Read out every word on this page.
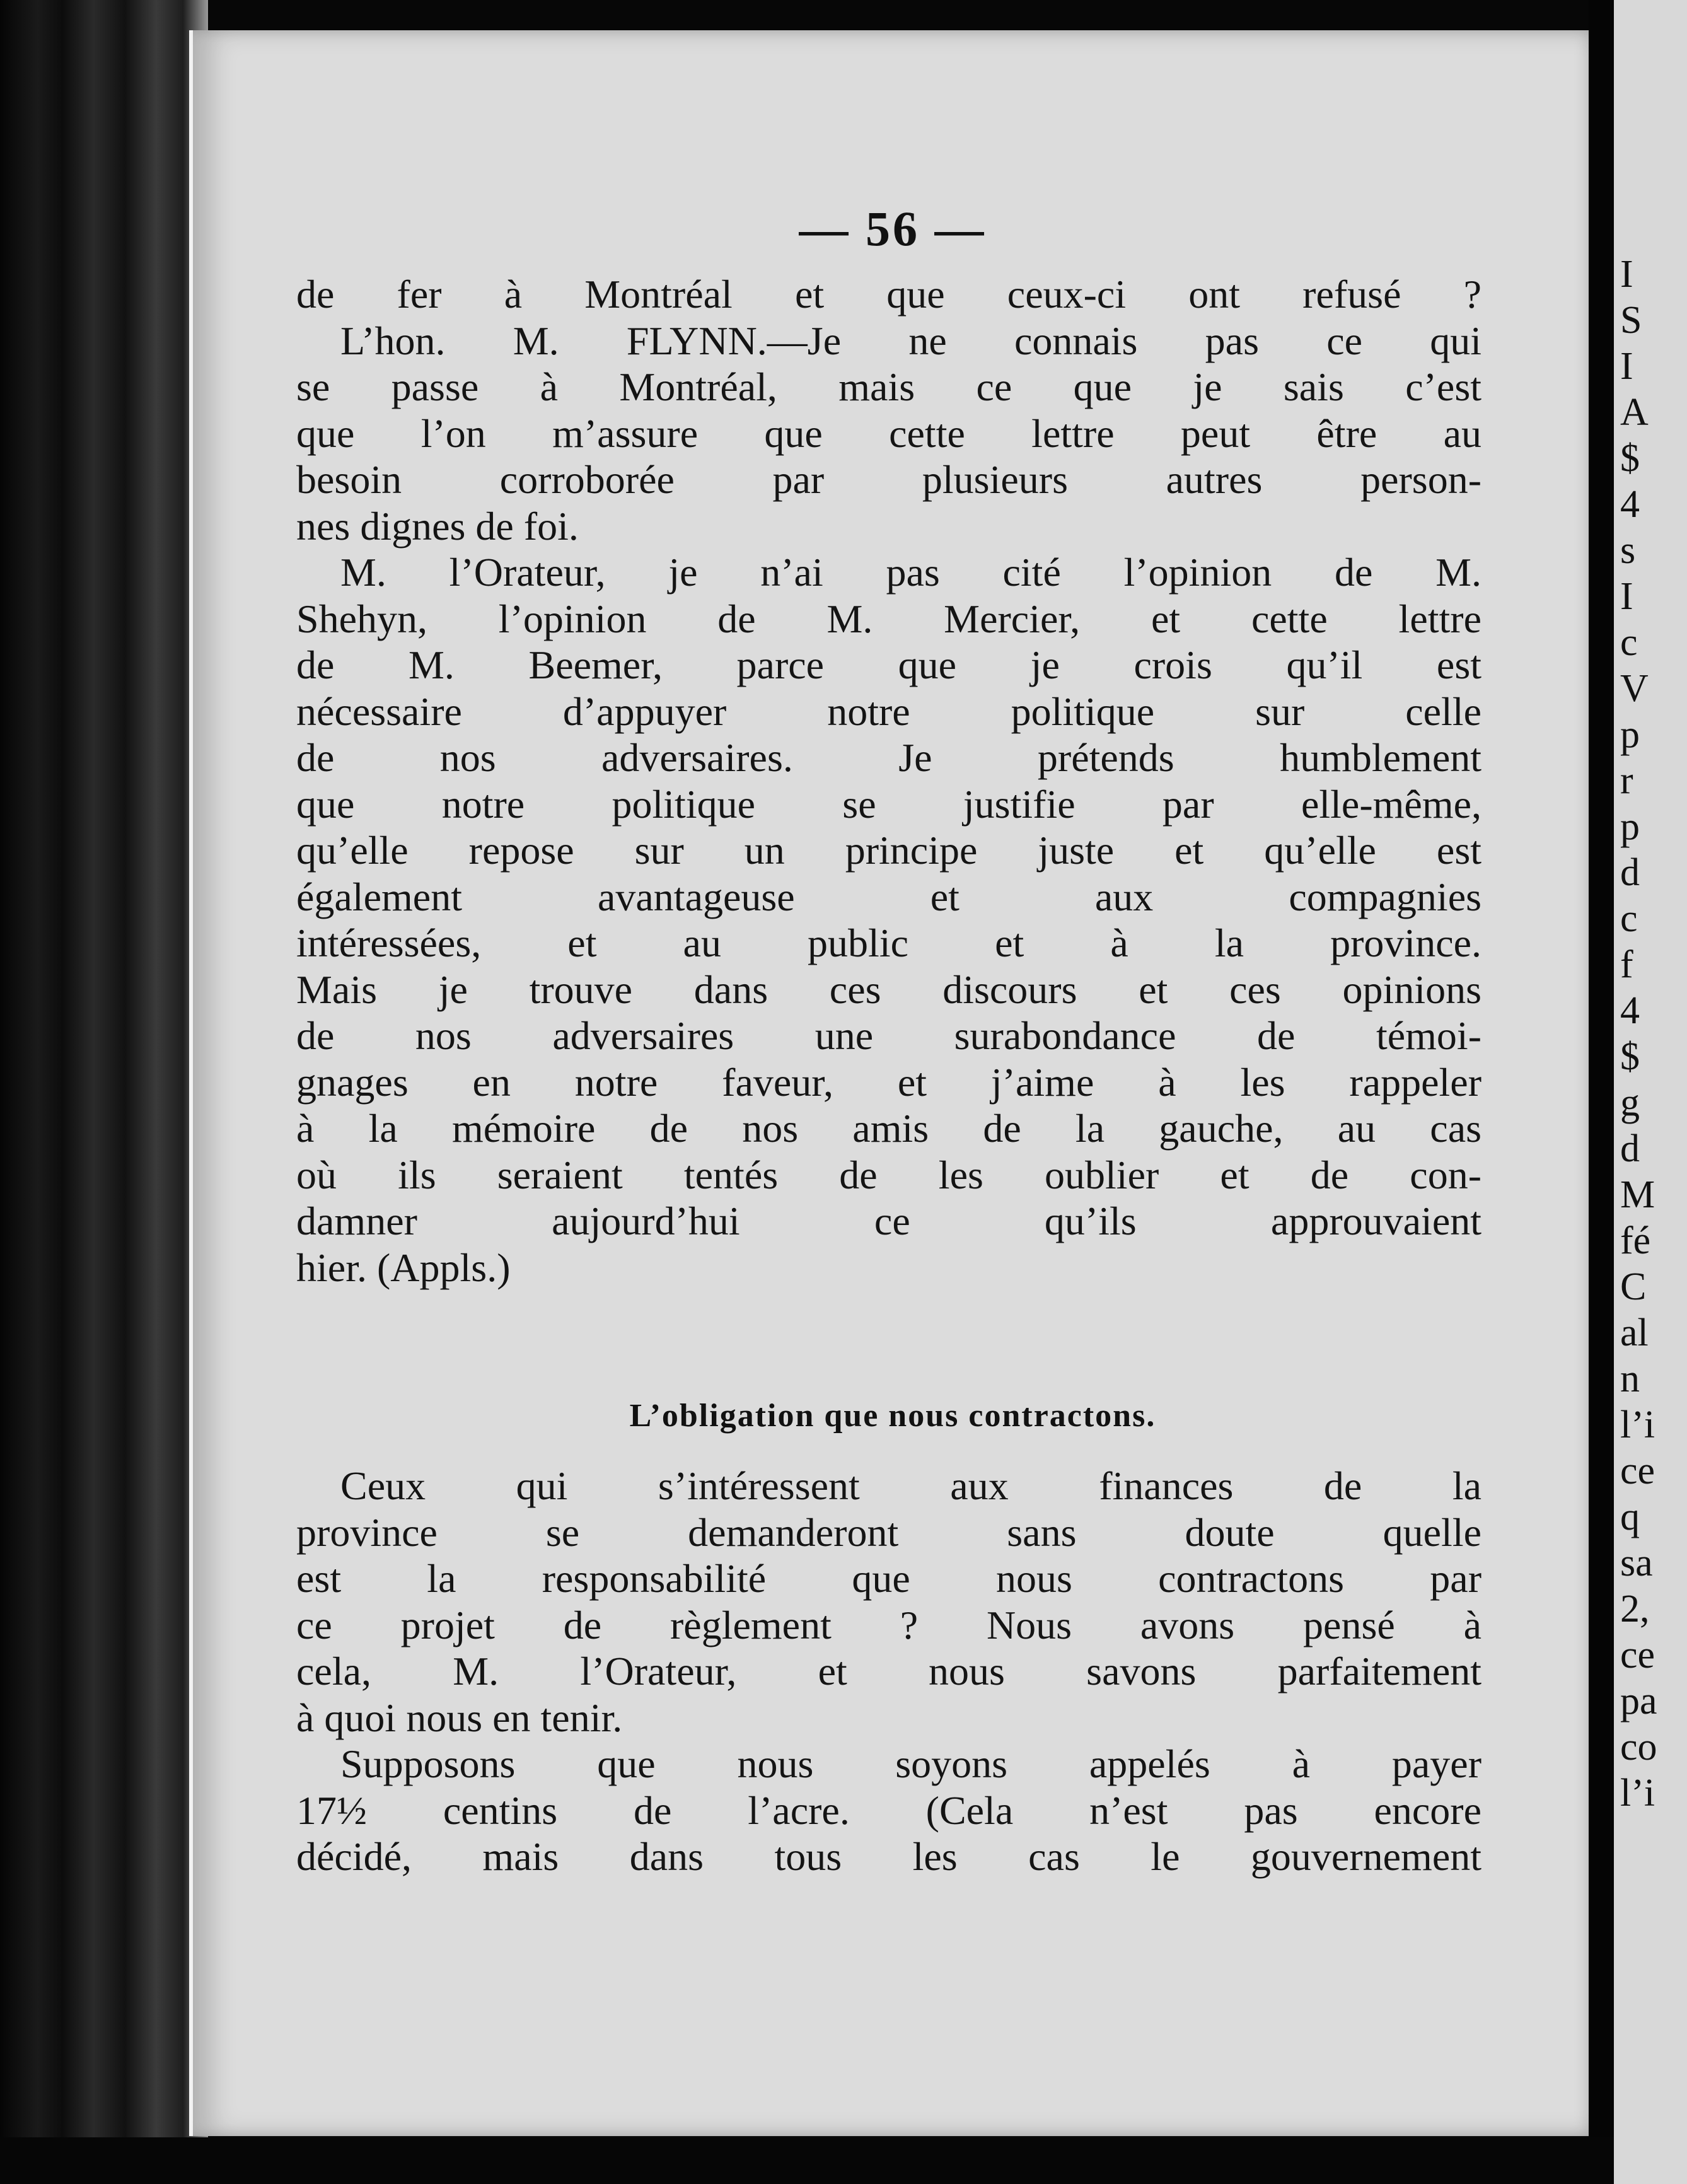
— 56 —
L’obligation que nous contractons.
de fer à Montréal et que ceux-ci ont refusé ?
L’hon. M. FLYNN.—Je ne connais pas ce qui
se passe à Montréal, mais ce que je sais c’est
que l’on m’assure que cette lettre peut être au
besoin corroborée par plusieurs autres person-
nes dignes de foi.
M. l’Orateur, je n’ai pas cité l’opinion de M.
Shehyn, l’opinion de M. Mercier, et cette lettre
de M. Beemer, parce que je crois qu’il est
nécessaire d’appuyer notre politique sur celle
de nos adversaires. Je prétends humblement
que notre politique se justifie par elle-même,
qu’elle repose sur un principe juste et qu’elle est
également avantageuse et aux compagnies
intéressées, et au public et à la province.
Mais je trouve dans ces discours et ces opinions
de nos adversaires une surabondance de témoi-
gnages en notre faveur, et j’aime à les rappeler
à la mémoire de nos amis de la gauche, au cas
où ils seraient tentés de les oublier et de con-
damner aujourd’hui ce qu’ils approuvaient
hier. (Appls.)
Ceux qui s’intéressent aux finances de la
province se demanderont sans doute quelle
est la responsabilité que nous contractons par
ce projet de règlement ? Nous avons pensé à
cela, M. l’Orateur, et nous savons parfaitement
à quoi nous en tenir.
Supposons que nous soyons appelés à payer
17½ centins de l’acre. (Cela n’est pas encore
décidé, mais dans tous les cas le gouvernement
I
S
I
A
$
4
s
I
c
V
p
r
p
d
c
f
4
$
g
d
M
fé
C
al
n
l’i
ce
q
sa
2,
ce
pa
co
l’i
